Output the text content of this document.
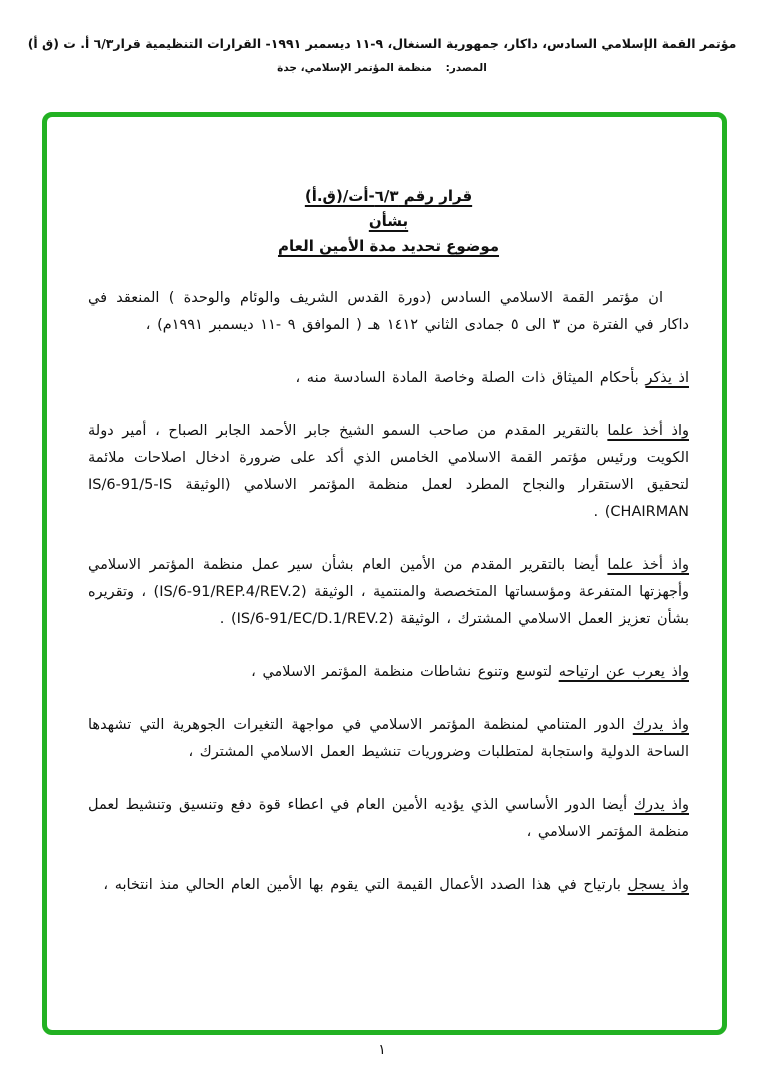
مؤتمر القمة الإسلامي السادس، داكار، جمهورية السنغال، ٩-١١ ديسمبر ١٩٩١- القرارات التنظيمية قرار٦/٣ أ. ت (ق أ)
المصدر: منظمة المؤتمر الإسلامي، جدة
قرار رقم ٦/٣-أت/(ق.أ)
بشأن
موضوع تحديد مدة الأمين العام

ان مؤتمر القمة الاسلامي السادس (دورة القدس الشريف والوئام والوحدة ) المنعقد في داكار في الفترة من ٣ الى ٥ جمادى الثاني ١٤١٢ هـ ( الموافق ٩ -١١ ديسمبر ١٩٩١م) ،

اذ يذكر بأحكام الميثاق ذات الصلة وخاصة المادة السادسة منه ،

واذ أخذ علما بالتقرير المقدم من صاحب السمو الشيخ جابر الأحمد الجابر الصباح ، أمير دولة الكويت ورئيس مؤتمر القمة الاسلامي الخامس الذي أكد على ضرورة ادخال اصلاحات ملائمة لتحقيق الاستقرار والنجاح المطرد لعمل منظمة المؤتمر الاسلامي (الوثيقة IS/6-91/5-IS CHAIRMAN) .

واذ أخذ علما أيضا بالتقرير المقدم من الأمين العام بشأن سير عمل منظمة المؤتمر الاسلامي وأجهزتها المتفرعة ومؤسساتها المتخصصة والمنتمية ، الوثيقة (IS/6-91/REP.4/REV.2) ، وتقريره بشأن تعزيز العمل الاسلامي المشترك ، الوثيقة (IS/6-91/EC/D.1/REV.2) .

واذ يعرب عن ارتياحه لتوسع وتنوع نشاطات منظمة المؤتمر الاسلامي ،

واذ يدرك الدور المتنامي لمنظمة المؤتمر الاسلامي في مواجهة التغيرات الجوهرية التي تشهدها الساحة الدولية واستجابة لمتطلبات وضروريات تنشيط العمل الاسلامي المشترك ،

واذ يدرك أيضا الدور الأساسي الذي يؤديه الأمين العام في اعطاء قوة دفع وتنسيق وتنشيط لعمل منظمة المؤتمر الاسلامي ،

واذ يسجل بارتياح في هذا الصدد الأعمال القيمة التي يقوم بها الأمين العام الحالي منذ انتخابه ،

١
